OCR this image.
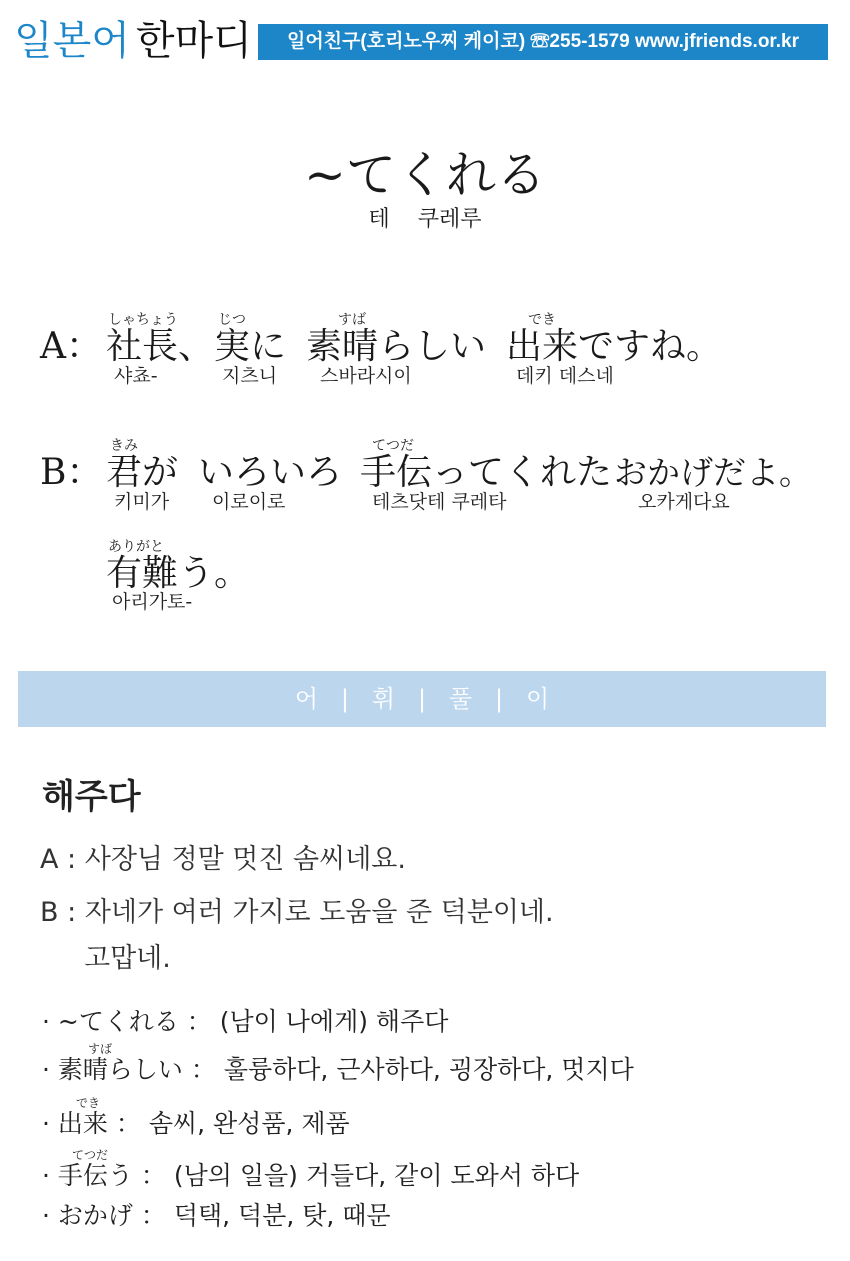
일본어 한마디	일어친구(호리노우찌 케이코) ☏255-1579 www.jfriends.or.kr
~てくれる
테    쿠레루
A：
しゃちょう
社長、
샤쵸-
じつ
実に
지츠니
すば
素晴らしい
스바라시이
でき
出来ですね。
데키 데스네
B：
きみ
君が
키미가
いろいろ
이로이로
てつだ
手伝ってくれた
테츠닷테 쿠레타
おかげだよ。
오카게다요
ありがと
有難う。
아리가토-
어   |   휘   |   풀   |   이
해주다
A : 사장님 정말 멋진 솜씨네요.
B : 자네가 여러 가지로 도움을 준 덕분이네.
고맙네.
· ~てくれる ： (남이 나에게) 해주다
すば
· 素晴らしい ： 훌륭하다, 근사하다, 굉장하다, 멋지다
でき
· 出来 ： 솜씨, 완성품, 제품
てつだ
· 手伝う ： (남의 일을) 거들다, 같이 도와서 하다
· おかげ ： 덕택, 덕분, 탓, 때문
